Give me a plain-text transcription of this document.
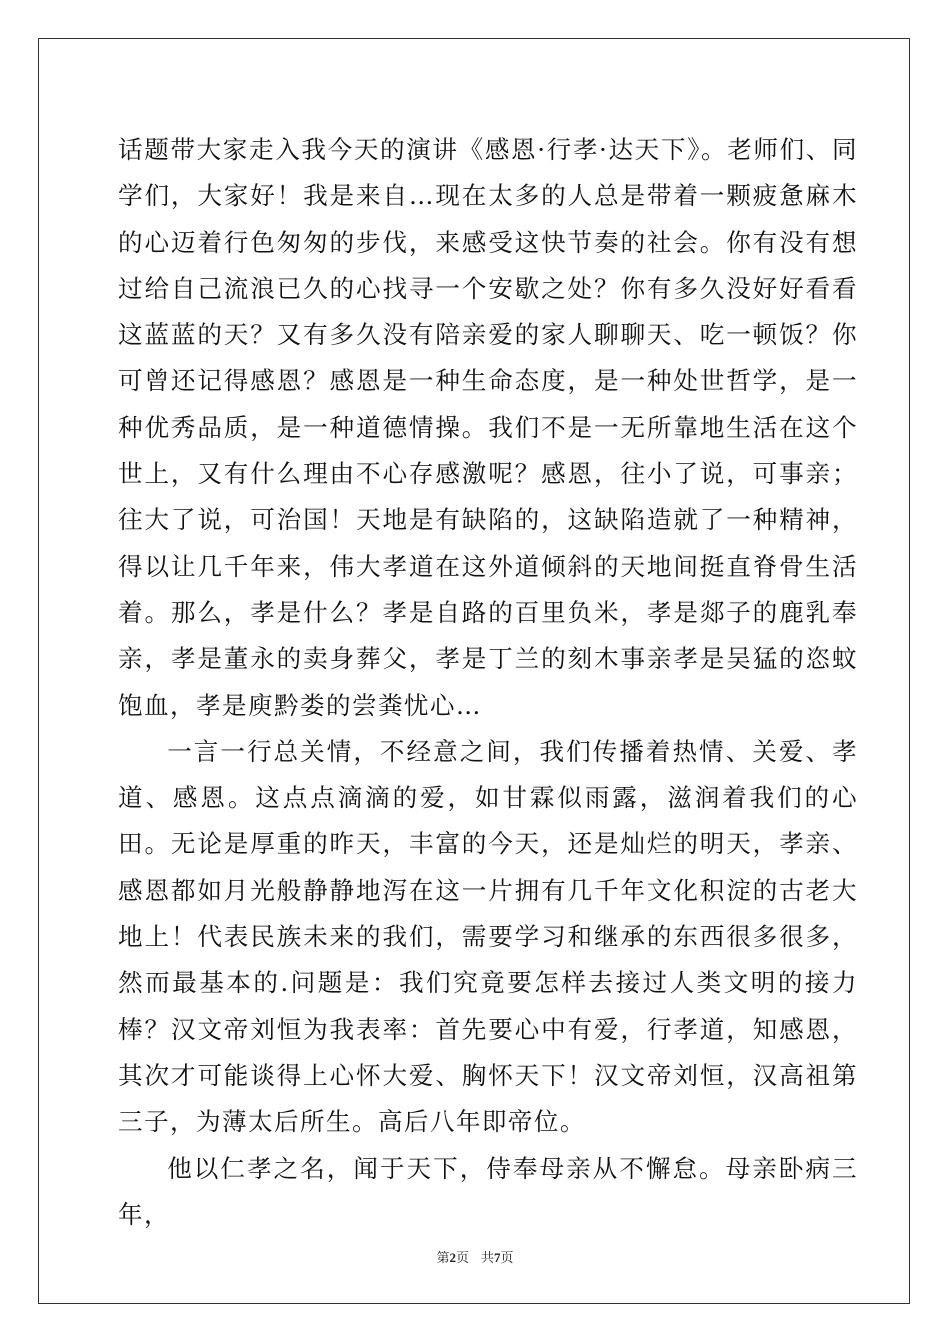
话题带大家走入我今天的演讲《感恩·行孝·达天下》。老师们、同学们，大家好！我是来自…现在太多的人总是带着一颗疲惫麻木的心迈着行色匆匆的步伐，来感受这快节奏的社会。你有没有想过给自己流浪已久的心找寻一个安歇之处？你有多久没好好看看这蓝蓝的天？又有多久没有陪亲爱的家人聊聊天、吃一顿饭？你可曾还记得感恩？感恩是一种生命态度，是一种处世哲学，是一种优秀品质，是一种道德情操。我们不是一无所靠地生活在这个世上，又有什么理由不心存感激呢？感恩，往小了说，可事亲；往大了说，可治国！天地是有缺陷的，这缺陷造就了一种精神，得以让几千年来，伟大孝道在这外道倾斜的天地间挺直脊骨生活着。那么，孝是什么？孝是自路的百里负米，孝是郯子的鹿乳奉亲，孝是董永的卖身葬父，孝是丁兰的刻木事亲孝是吴猛的恣蚊饱血，孝是庾黔娄的尝粪忧心…

一言一行总关情，不经意之间，我们传播着热情、关爱、孝道、感恩。这点点滴滴的爱，如甘霖似雨露，滋润着我们的心田。无论是厚重的昨天，丰富的今天，还是灿烂的明天，孝亲、感恩都如月光般静静地泻在这一片拥有几千年文化积淀的古老大地上！代表民族未来的我们，需要学习和继承的东西很多很多，然而最基本的.问题是：我们究竟要怎样去接过人类文明的接力棒？汉文帝刘恒为我表率：首先要心中有爱，行孝道，知感恩，其次才可能谈得上心怀大爱、胸怀天下！汉文帝刘恒，汉高祖第三子，为薄太后所生。高后八年即帝位。

他以仁孝之名，闻于天下，侍奉母亲从不懈怠。母亲卧病三年，

第2页 共7页
